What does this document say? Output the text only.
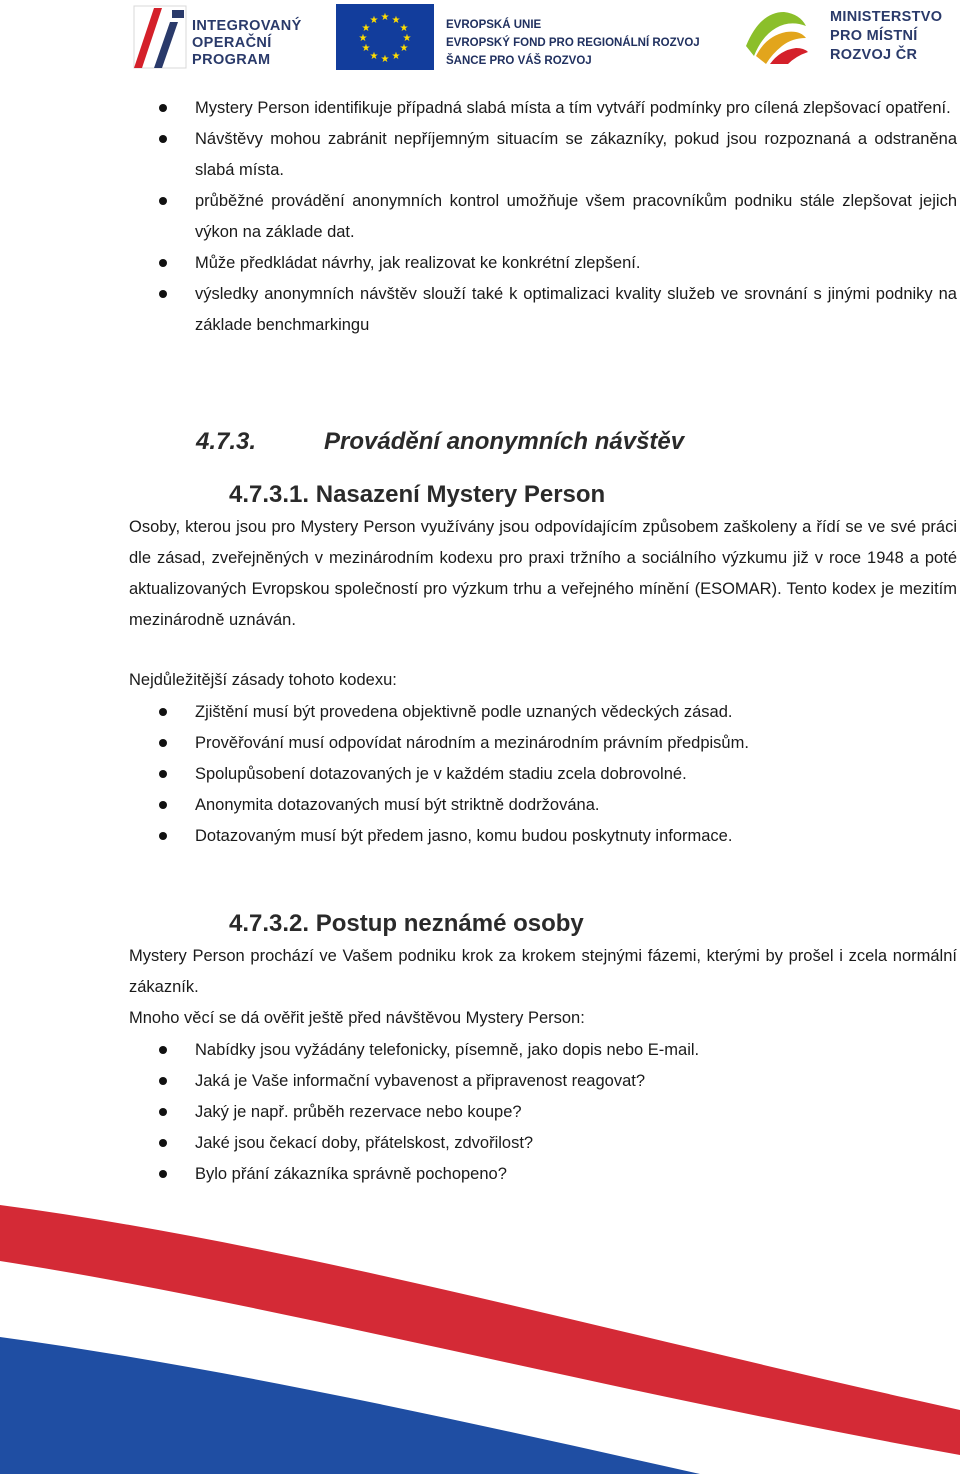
INTEGROVANÝ
OPERAČNÍ
PROGRAM
★ ★
★
★
★
★
★
★
★
★
★
★	EVROPSKÁ UNIE
EVROPSKÝ FOND PRO REGIONÁLNÍ ROZVOJ
ŠANCE PRO VÁŠ ROZVOJ
MINISTERSTVO
PRO MÍSTNÍ
ROZVOJ ČR
Mystery Person identifikuje případná slabá místa a tím vytváří podmínky pro cílená zlepšovací opatření.
Návštěvy mohou zabránit nepříjemným situacím se zákazníky, pokud jsou rozpoznaná a odstraněna slabá místa.
průběžné provádění anonymních kontrol umožňuje všem pracovníkům podniku stále zlepšovat jejich výkon na základe dat.
Může předkládat návrhy, jak realizovat ke konkrétní zlepšení.
výsledky anonymních návštěv slouží také k optimalizaci kvality služeb ve srovnání s jinými podniky na základe benchmarkingu
4.7.3.	Provádění anonymních návštěv
4.7.3.1. Nasazení Mystery Person

Osoby, kterou jsou pro Mystery Person využívány jsou odpovídajícím způsobem zaškoleny a řídí se ve své práci dle zásad, zveřejněných v mezinárodním kodexu pro praxi tržního a sociálního výzkumu již v roce 1948 a poté aktualizovaných Evropskou společností pro výzkum trhu a veřejného mínění (ESOMAR). Tento kodex je mezitím mezinárodně uznáván.

Nejdůležitější zásady tohoto kodexu:

Zjištění musí být provedena objektivně podle uznaných vědeckých zásad.
Prověřování musí odpovídat národním a mezinárodním právním předpisům.
Spolupůsobení dotazovaných je v každém stadiu zcela dobrovolné.
Anonymita dotazovaných musí být striktně dodržována.
Dotazovaným musí být předem jasno, komu budou poskytnuty informace.
4.7.3.2. Postup neznámé osoby

Mystery Person prochází ve Vašem podniku krok za krokem stejnými fázemi, kterými by prošel i zcela normální zákazník.

Mnoho věcí se dá ověřit ještě před návštěvou Mystery Person:

Nabídky jsou vyžádány telefonicky, písemně, jako dopis nebo E-mail.
Jaká je Vaše informační vybavenost a připravenost reagovat?
Jaký je např. průběh rezervace nebo koupe?
Jaké jsou čekací doby, přátelskost, zdvořilost?
Bylo přání zákazníka správně pochopeno?
